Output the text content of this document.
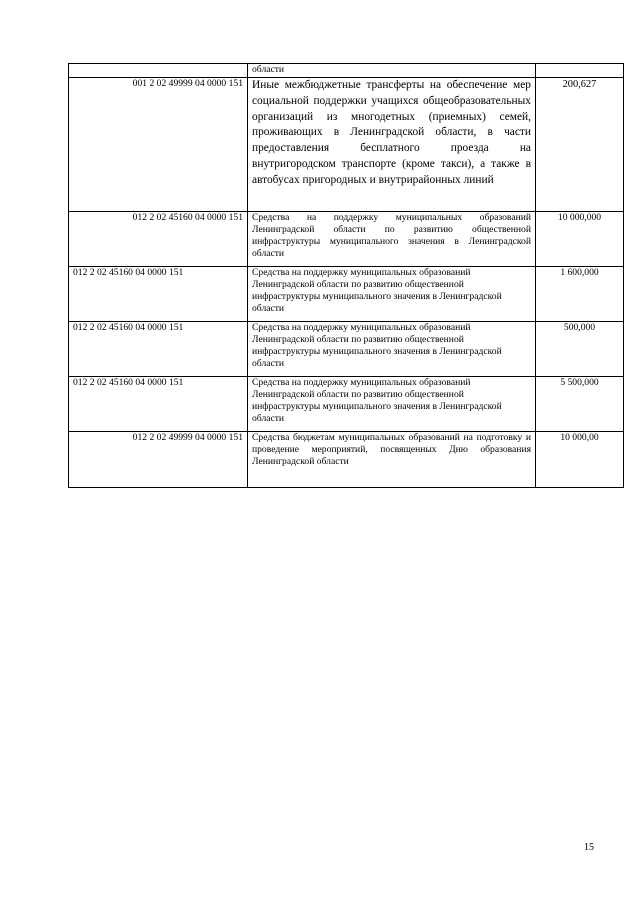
	области	
001 2 02 49999 04 0000 151	Иные межбюджетные трансферты на обеспечение мер социальной поддержки учащихся общеобразовательных организаций из многодетных (приемных) семей, проживающих в Ленинградской области, в части предоставления бесплатного проезда на внутригородском транспорте (кроме такси), а также в автобусах пригородных и внутрирайонных линий	200,627
012 2 02 45160 04 0000 151	Средства на поддержку муниципальных образований Ленинградской области по развитию общественной инфраструктуры муниципального значения в Ленинградской области	10 000,000
012 2 02 45160 04 0000 151	Средства на поддержку муниципальных образований Ленинградской области по развитию общественной инфраструктуры муниципального значения в Ленинградской области	1 600,000
012 2 02 45160 04 0000 151	Средства на поддержку муниципальных образований Ленинградской области по развитию общественной инфраструктуры муниципального значения в Ленинградской области	500,000
012 2 02 45160 04 0000 151	Средства на поддержку муниципальных образований Ленинградской области по развитию общественной инфраструктуры муниципального значения в Ленинградской области	5 500,000
012 2 02 49999 04 0000 151	Средства бюджетам муниципальных образований на подготовку и проведение мероприятий, посвященных Дню образования Ленинградской области	10 000,00
15
